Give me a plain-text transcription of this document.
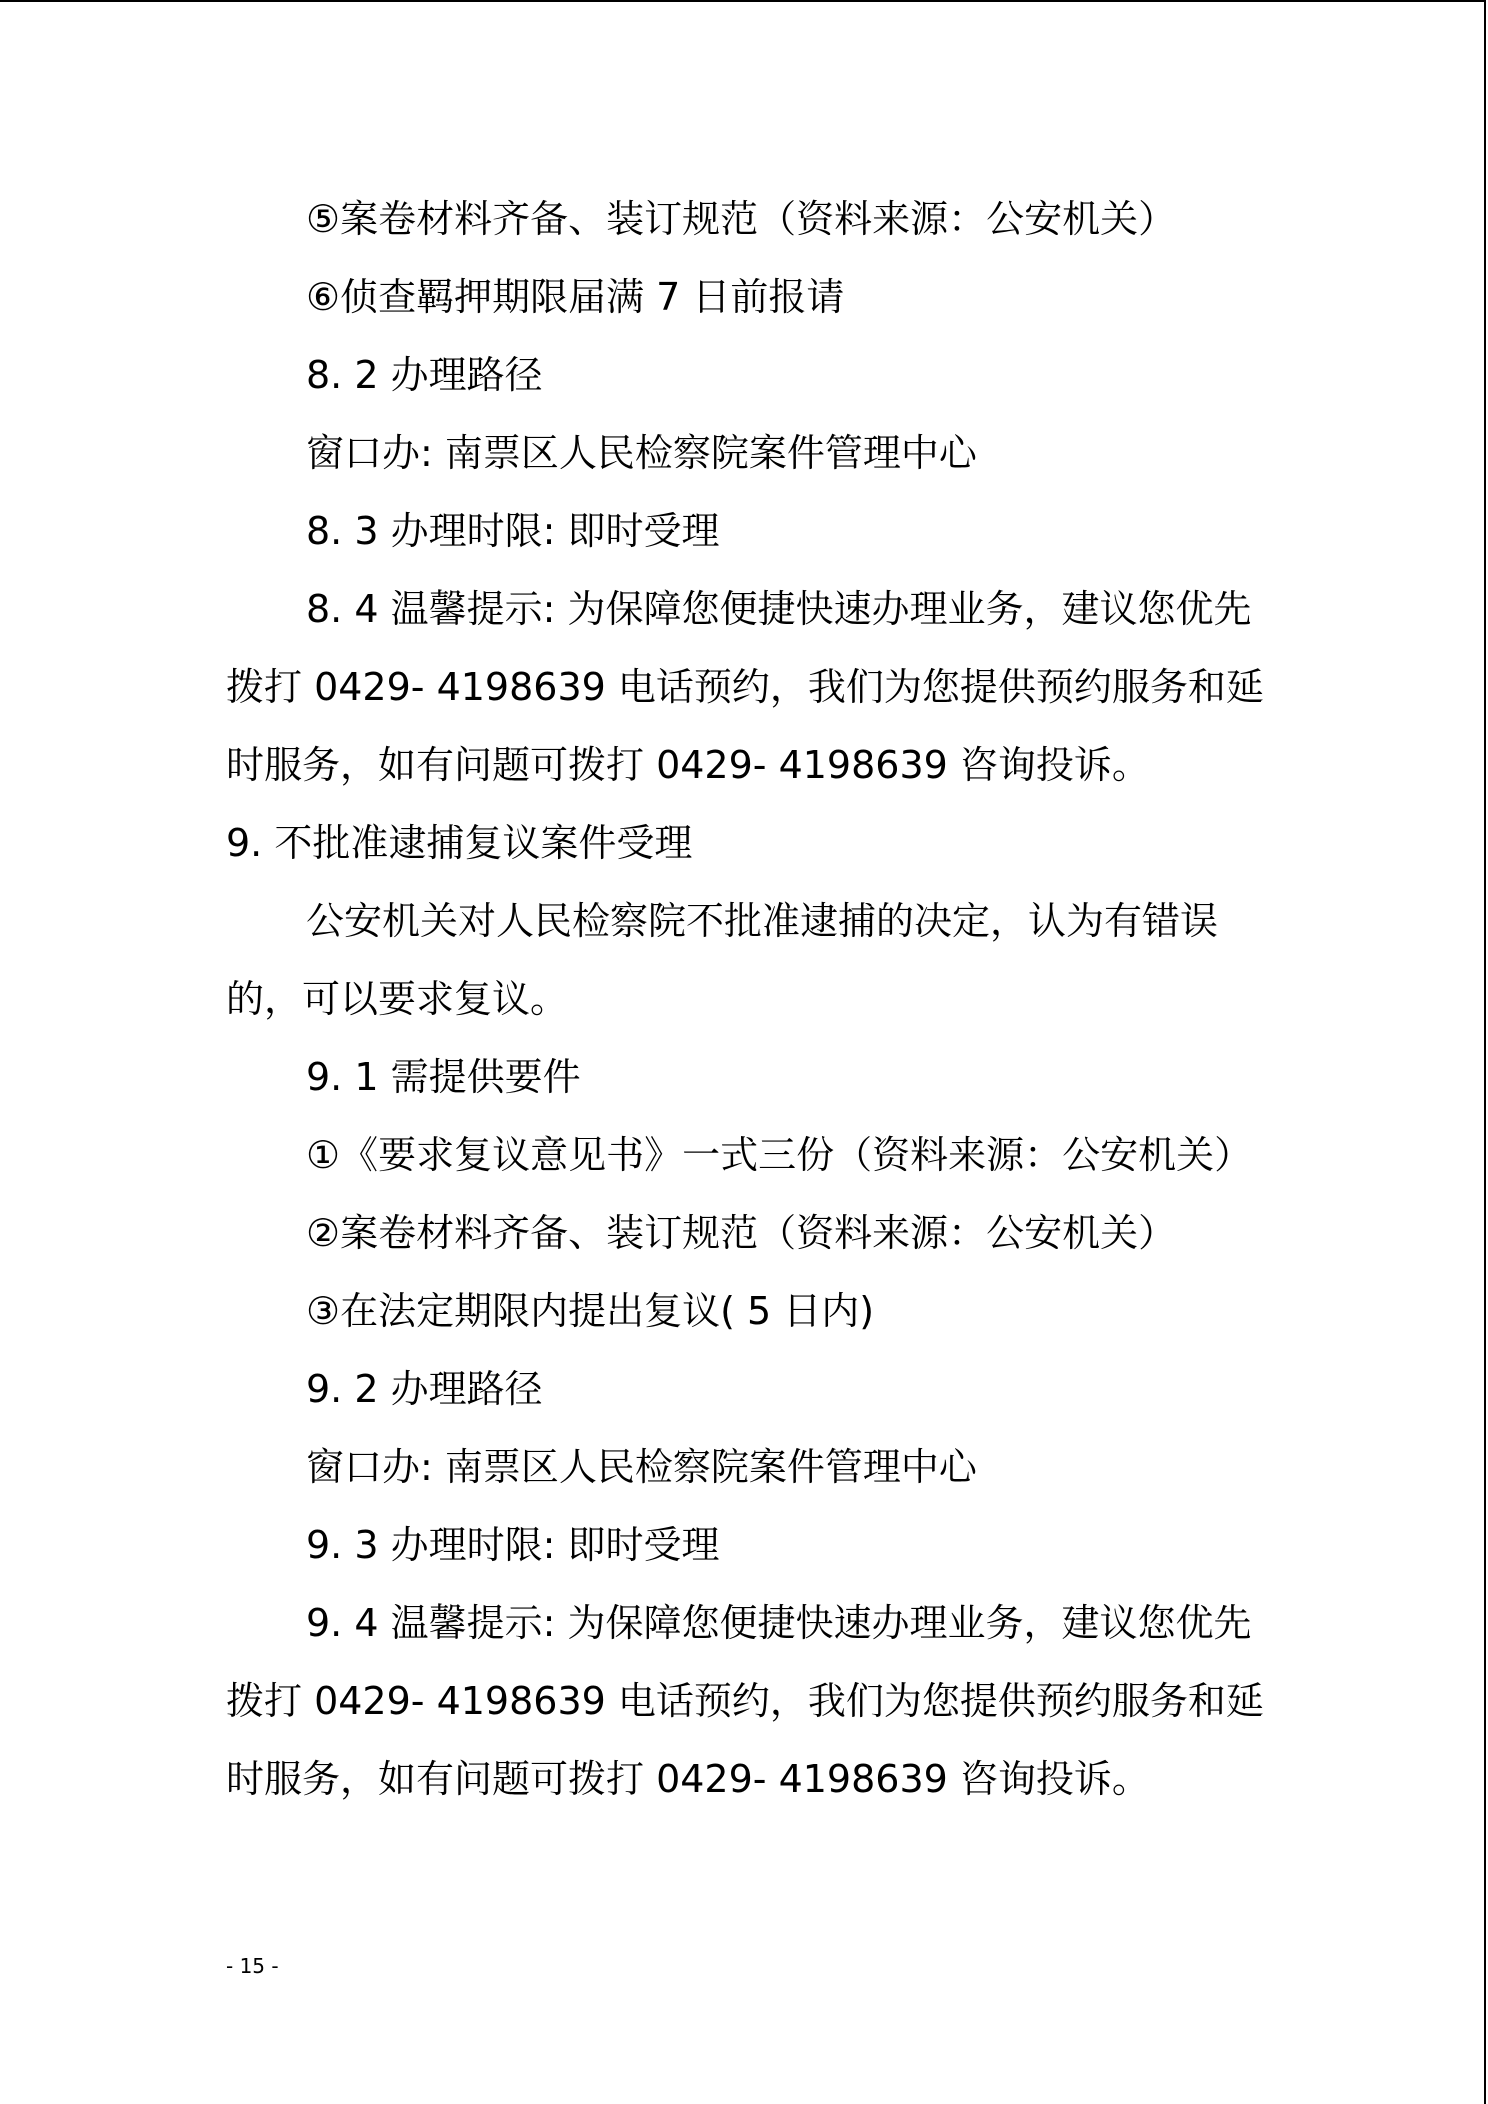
⑤案卷材料齐备、装订规范（资料来源：公安机关）
⑥侦查羁押期限届满 7 日前报请
8. 2 办理路径
窗口办: 南票区人民检察院案件管理中心
8. 3 办理时限: 即时受理
8. 4 温馨提示: 为保障您便捷快速办理业务，建议您优先
拨打 0429- 4198639 电话预约，我们为您提供预约服务和延
时服务，如有问题可拨打 0429- 4198639 咨询投诉。
9. 不批准逮捕复议案件受理
公安机关对人民检察院不批准逮捕的决定，认为有错误
的，可以要求复议。
9. 1 需提供要件
①《要求复议意见书》一式三份（资料来源：公安机关）
②案卷材料齐备、装订规范（资料来源：公安机关）
③在法定期限内提出复议( 5 日内)
9. 2 办理路径
窗口办: 南票区人民检察院案件管理中心
9. 3 办理时限: 即时受理
9. 4 温馨提示: 为保障您便捷快速办理业务，建议您优先
拨打 0429- 4198639 电话预约，我们为您提供预约服务和延
时服务，如有问题可拨打 0429- 4198639 咨询投诉。
- 15 -
